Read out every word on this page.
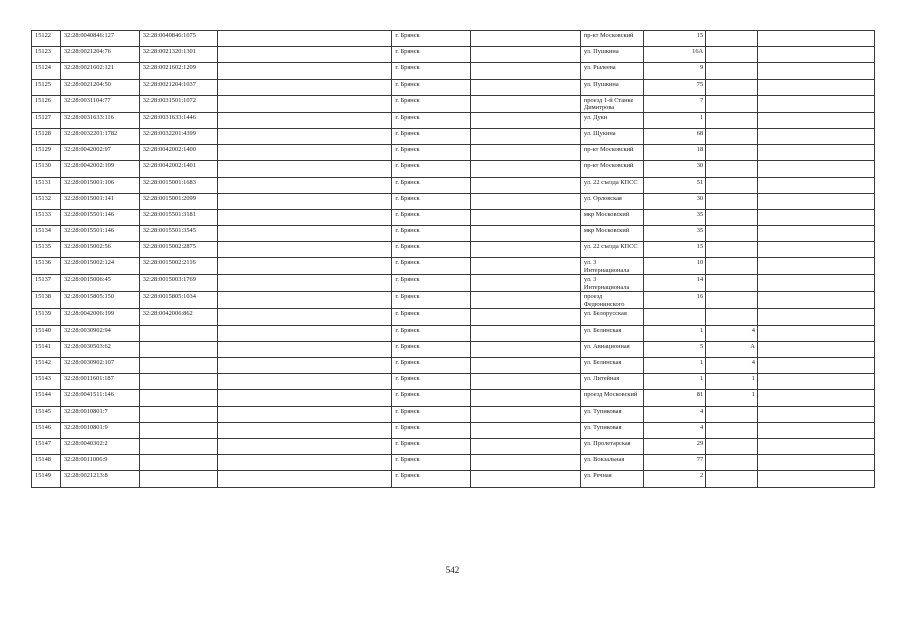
15122	32:28:0040846:127	32:28:0040846:1075		г. Брянск		пр-кт Московский	15		
15123	32:28:0021204:76	32:28:0021320:1301		г. Брянск		ул. Пушкина	16А		
15124	32:28:0021602:121	32:28:0021602:1209		г. Брянск		ул. Рылеева	9		
15125	32:28:0021204:50	32:28:0021204:1037		г. Брянск		ул. Пушкина	75		
15126	32:28:0031104:77	32:28:0031501:1072		г. Брянск		проезд 1-й Станке Димитрова	7		
15127	32:28:0031633:116	32:28:0031633:1446		г. Брянск		ул. Дуки	1		
15128	32:28:0032201:1782	32:28:0032201:4399		г. Брянск		ул. Щукина	68		
15129	32:28:0042002:97	32:28:0042002:1400		г. Брянск		пр-кт Московский	18		
15130	32:28:0042002:109	32:28:0042002:1401		г. Брянск		пр-кт Московский	30		
15131	32:28:0015001:106	32:28:0015001:1683		г. Брянск		ул. 22 съезда КПСС	51		
15132	32:28:0015001:141	32:28:0015001:2099		г. Брянск		ул. Орловская	30		
15133	32:28:0015501:146	32:28:0015501:3181		г. Брянск		мкр Московский	35		
15134	32:28:0015501:146	32:28:0015501:3545		г. Брянск		мкр Московский	35		
15135	32:28:0015002:56	32:28:0015002:2875		г. Брянск		ул. 22 съезда КПСС	15		
15136	32:28:0015002:124	32:28:0015002:2116		г. Брянск		ул. 3 Интернационала	10		
15137	32:28:0015006:45	32:28:0015003:1769		г. Брянск		ул. 3 Интернационала	14		
15138	32:28:0015805:150	32:28:0015805:1034		г. Брянск		проезд Федюнинского	16		
15139	32:28:0042006:199	32:28:0042006:862		г. Брянск		ул. Белорусская			
15140	32:28:0030902:94			г. Брянск		ул. Белинская	1	4	
15141	32:28:0030503:62			г. Брянск		ул. Авиационная	5	А	
15142	32:28:0030902:107			г. Брянск		ул. Белинская	1	4	
15143	32:28:0011601:187			г. Брянск		ул. Литейная	1	1	
15144	32:28:0041511:146			г. Брянск		проезд Московский	81	1	
15145	32:28:0010801:7			г. Брянск		ул. Тупиковая	4		
15146	32:28:0010801:9			г. Брянск		ул. Тупиковая	4		
15147	32:28:0040302:2			г. Брянск		ул. Пролетарская	29		
15148	32:28:0011006:9			г. Брянск		ул. Вокзальная	77		
15149	32:28:0021213:8			г. Брянск		ул. Речная	2		
542
